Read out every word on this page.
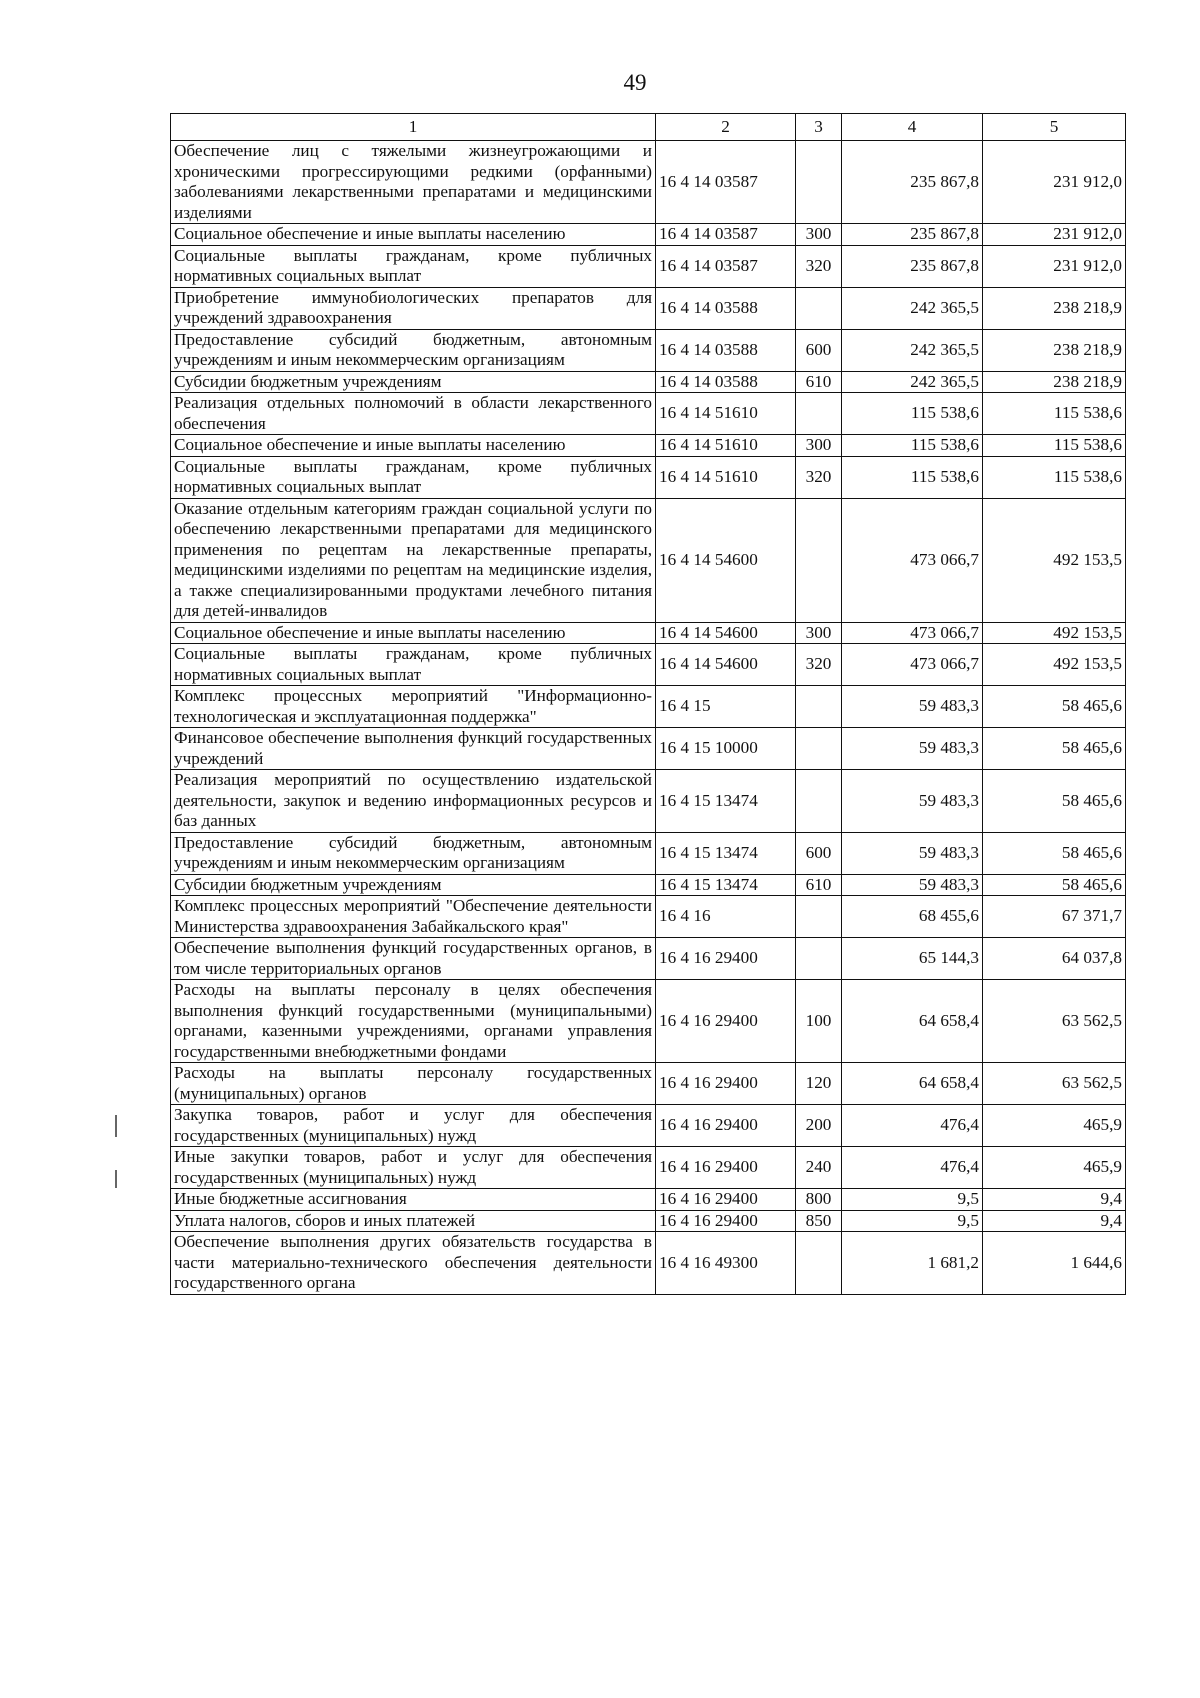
49
1	2	3	4	5
Обеспечение лиц с тяжелыми жизнеугрожающими и хроническими прогрессирующими редкими (орфанными) заболеваниями лекарственными препаратами и медицинскими изделиями	16 4 14 03587		235 867,8	231 912,0
Социальное обеспечение и иные выплаты населению	16 4 14 03587	300	235 867,8	231 912,0
Социальные выплаты гражданам, кроме публичных нормативных социальных выплат	16 4 14 03587	320	235 867,8	231 912,0
Приобретение иммунобиологических препаратов для учреждений здравоохранения	16 4 14 03588		242 365,5	238 218,9
Предоставление субсидий бюджетным, автономным учреждениям и иным некоммерческим организациям	16 4 14 03588	600	242 365,5	238 218,9
Субсидии бюджетным учреждениям	16 4 14 03588	610	242 365,5	238 218,9
Реализация отдельных полномочий в области лекарственного обеспечения	16 4 14 51610		115 538,6	115 538,6
Социальное обеспечение и иные выплаты населению	16 4 14 51610	300	115 538,6	115 538,6
Социальные выплаты гражданам, кроме публичных нормативных социальных выплат	16 4 14 51610	320	115 538,6	115 538,6
Оказание отдельным категориям граждан социальной услуги по обеспечению лекарственными препаратами для медицинского применения по рецептам на лекарственные препараты, медицинскими изделиями по рецептам на медицинские изделия, а также специализированными продуктами лечебного питания для детей-инвалидов	16 4 14 54600		473 066,7	492 153,5
Социальное обеспечение и иные выплаты населению	16 4 14 54600	300	473 066,7	492 153,5
Социальные выплаты гражданам, кроме публичных нормативных социальных выплат	16 4 14 54600	320	473 066,7	492 153,5
Комплекс процессных мероприятий "Информационно-технологическая и эксплуатационная поддержка"	16 4 15		59 483,3	58 465,6
Финансовое обеспечение выполнения функций государственных учреждений	16 4 15 10000		59 483,3	58 465,6
Реализация мероприятий по осуществлению издательской деятельности, закупок и ведению информационных ресурсов и баз данных	16 4 15 13474		59 483,3	58 465,6
Предоставление субсидий бюджетным, автономным учреждениям и иным некоммерческим организациям	16 4 15 13474	600	59 483,3	58 465,6
Субсидии бюджетным учреждениям	16 4 15 13474	610	59 483,3	58 465,6
Комплекс процессных мероприятий "Обеспечение деятельности Министерства здравоохранения Забайкальского края"	16 4 16		68 455,6	67 371,7
Обеспечение выполнения функций государственных органов, в том числе территориальных органов	16 4 16 29400		65 144,3	64 037,8
Расходы на выплаты персоналу в целях обеспечения выполнения функций государственными (муниципальными) органами, казенными учреждениями, органами управления государственными внебюджетными фондами	16 4 16 29400	100	64 658,4	63 562,5
Расходы на выплаты персоналу государственных (муниципальных) органов	16 4 16 29400	120	64 658,4	63 562,5
Закупка товаров, работ и услуг для обеспечения государственных (муниципальных) нужд	16 4 16 29400	200	476,4	465,9
Иные закупки товаров, работ и услуг для обеспечения государственных (муниципальных) нужд	16 4 16 29400	240	476,4	465,9
Иные бюджетные ассигнования	16 4 16 29400	800	9,5	9,4
Уплата налогов, сборов и иных платежей	16 4 16 29400	850	9,5	9,4
Обеспечение выполнения других обязательств государства в части материально-технического обеспечения деятельности государственного органа	16 4 16 49300		1 681,2	1 644,6
